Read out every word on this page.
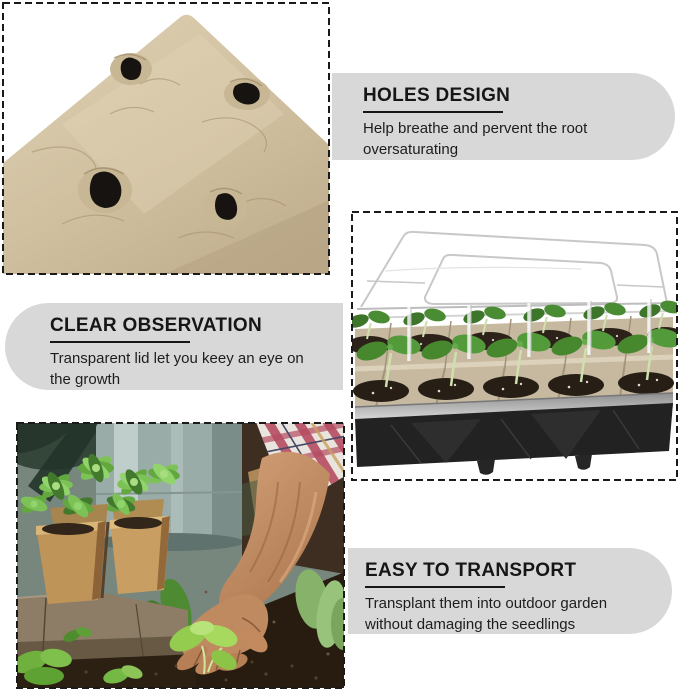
HOLES DESIGN

Help breathe and pervent the root oversaturating

CLEAR OBSERVATION

Transparent lid let you keey an eye on the growth

EASY TO TRANSPORT

Transplant them into outdoor garden without damaging the seedlings
